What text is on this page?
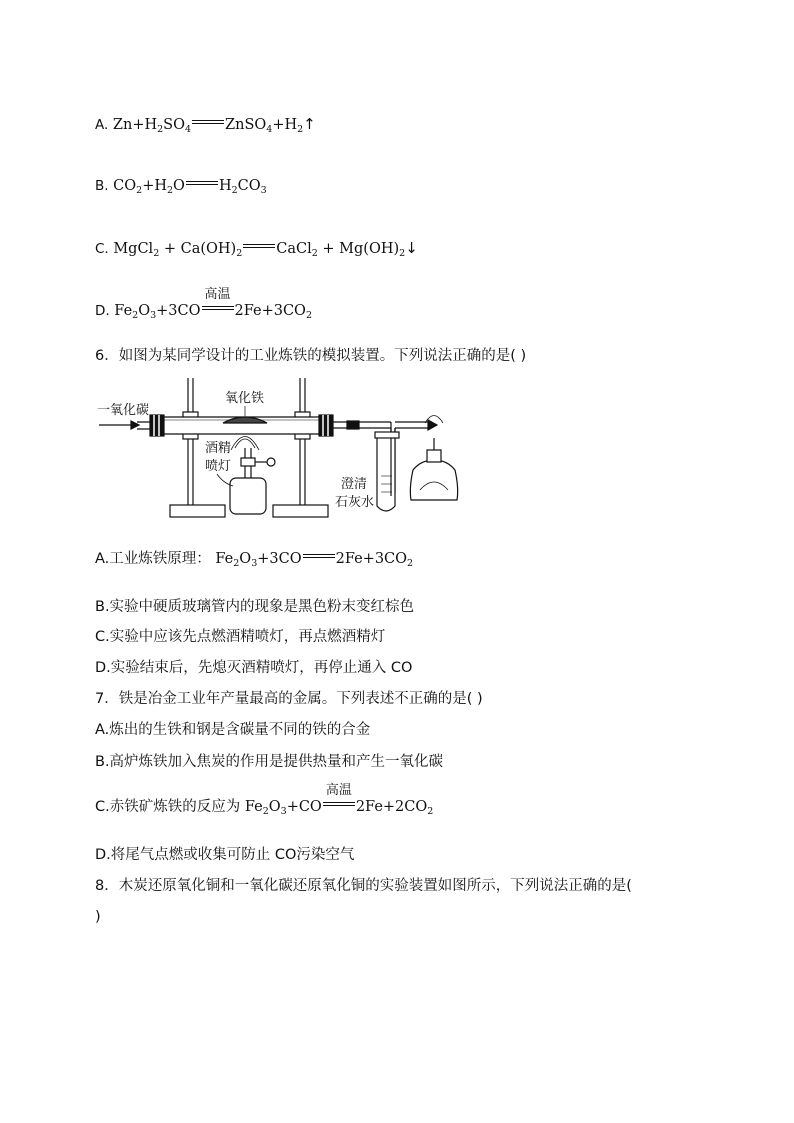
A. $Zn+H_2SO_4$ $ZnSO_4+H_2↑$
B. $CO_2+H_2O$ $H_2CO_3$
C. MgCl$_2$ + $Ca(OH)_2$ CaCl$_2$ + $Mg(OH)_2↓$
D. $Fe_2O_3+3CO$
高温
$2Fe+3CO_2$
6．如图为某同学设计的工业炼铁的模拟装置。下列说法正确的是( )
一氧化碳
氧化铁
酒精
喷灯
澄清
石灰水
A.工业炼铁原理： $Fe_2O_3+3CO$ $2Fe+3CO_2$
B.实验中硬质玻璃管内的现象是黑色粉末变红棕色
C.实验中应该先点燃酒精喷灯，再点燃酒精灯
D.实验结束后，先熄灭酒精喷灯，再停止通入 CO
7．铁是冶金工业年产量最高的金属。下列表述不正确的是( )
A.炼出的生铁和钢是含碳量不同的铁的合金
B.高炉炼铁加入焦炭的作用是提供热量和产生一氧化碳
C.赤铁矿炼铁的反应为 $Fe_2O_3+CO$
高温
$2Fe+2CO_2$
D.将尾气点燃或收集可防止 CO污染空气
8．木炭还原氧化铜和一氧化碳还原氧化铜的实验装置如图所示，下列说法正确的是(
)
